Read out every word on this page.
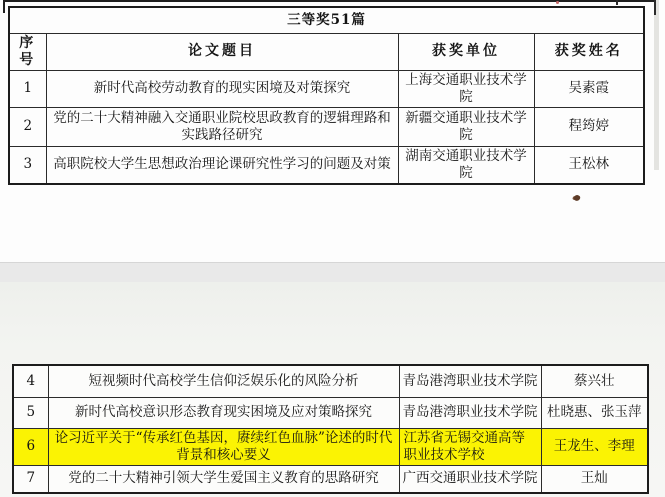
三等奖51篇			
序号	论文题目	获奖单位	获奖姓名
1	新时代高校劳动教育的现实困境及对策探究	上海交通职业技术学院	吴素霞
2	党的二十大精神融入交通职业院校思政教育的逻辑理路和实践路径研究	新疆交通职业技术学院	程筠婷
3	高职院校大学生思想政治理论课研究性学习的问题及对策	湖南交通职业技术学院	王松林
4	短视频时代高校学生信仰泛娱乐化的风险分析	青岛港湾职业技术学院	蔡兴壮
5	新时代高校意识形态教育现实困境及应对策略探究	青岛港湾职业技术学院	杜晓惠、张玉萍
6	论习近平关于“传承红色基因，赓续红色血脉”论述的时代背景和核心要义	江苏省无锡交通高等职业技术学校	王龙生、李理
7	党的二十大精神引领大学生爱国主义教育的思路研究	广西交通职业技术学院	王灿
